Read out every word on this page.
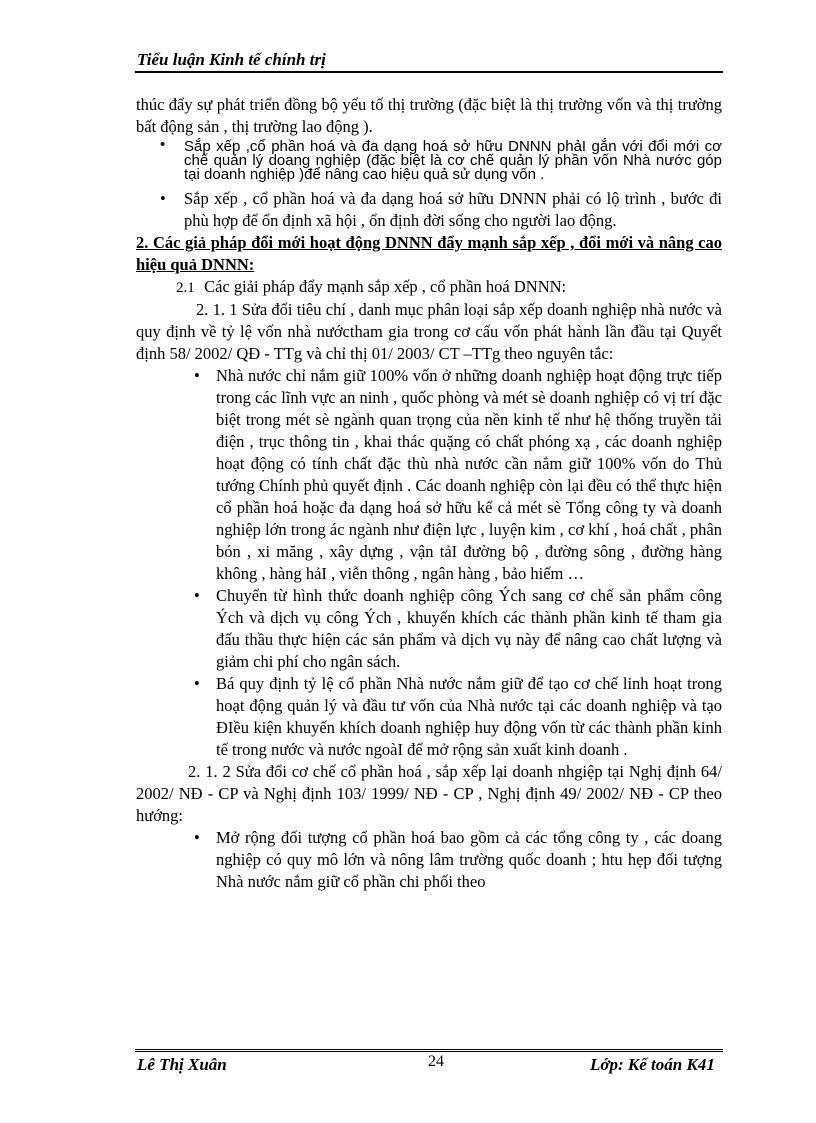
Tiểu luận Kinh tế chính trị

thúc đẩy sự phát triển đồng bộ yếu tố thị trường (đặc biệt là thị trường vốn và thị trường bất động sản , thị trường lao động ).

• Sắp xếp ,cổ phần hoá và đa dạng hoá sở hữu DNNN phảI gắn với đổi mới cơ chế quản lý doang nghiệp (đặc biệt là cơ chế quản lý phần vốn Nhà nước góp tại doanh nghiệp )để nâng cao hiệu quả sử dụng vốn .
• Sắp xếp , cổ phần hoá và đa dạng hoá sở hữu DNNN phải có lộ trình , bước đi phù hợp để ổn định xã hội , ổn định đời sống cho người lao động.

2. Các giả pháp đổi mới hoạt động DNNN đẩy mạnh sắp xếp , đổi mới và nâng cao hiệu quả DNNN:

2.1 Các giải pháp đẩy mạnh sắp xếp , cổ phần hoá DNNN:

2. 1. 1 Sửa đổi tiêu chí , danh mục phân loại sắp xếp doanh nghiệp nhà nước và quy định về tỷ lệ vốn nhà nướctham gia trong cơ cấu vốn phát hành lần đầu tại Quyết định 58/ 2002/ QĐ - TTg và chỉ thị 01/ 2003/ CT –TTg theo nguyên tắc:

• Nhà nước chỉ nắm giữ 100% vốn ở những doanh nghiệp hoạt động trực tiếp trong các lĩnh vực an ninh , quốc phòng và mét sè doanh nghiệp có vị trí đặc biệt trong mét sè ngành quan trọng của nền kinh tế như hệ thống truyền tải điện , trục thông tin , khai thác quặng có chất phóng xạ , các doanh nghiệp hoạt động có tính chất đặc thù nhà nước cần nắm giữ 100% vốn do Thủ tướng Chính phủ quyết định . Các doanh nghiệp còn lại đều có thể thực hiện cổ phần hoá hoặc đa dạng hoá sở hữu kể cả mét sè Tổng công ty và doanh nghiệp lớn trong ác ngành như điện lực , luyện kim , cơ khí , hoá chất , phân bón , xi măng , xây dựng , vận tảI đường bộ , đường sông , đường hàng không , hàng hảI , viễn thông , ngân hàng , bảo hiểm …
• Chuyển từ hình thức doanh nghiệp công Ých sang cơ chế sản phẩm công Ých và dịch vụ công Ých , khuyến khích các thành phần kinh tế tham gia đấu thầu thực hiện các sản phẩm và dịch vụ này để nâng cao chất lượng và giảm chi phí cho ngân sách.
• Bá quy định tỷ lệ cổ phần Nhà nước nắm giữ để tạo cơ chế linh hoạt trong hoạt động quản lý và đầu tư vốn của Nhà nước tại các doanh nghiệp và tạo ĐIều kiện khuyến khích doanh nghiệp huy động vốn từ các thành phần kinh tế trong nước và nước ngoàI để mở rộng sản xuất kinh doanh .

2. 1. 2 Sửa đổi cơ chế cổ phần hoá , sắp xếp lại doanh nhgiệp tại Nghị định 64/ 2002/ NĐ - CP và Nghị định 103/ 1999/ NĐ - CP , Nghị định 49/ 2002/ NĐ - CP theo hướng:

• Mở rộng đối tượng cổ phần hoá bao gồm cả các tổng công ty , các doang nghiệp có quy mô lớn và nông lâm trường quốc doanh ; htu hẹp đối tượng Nhà nước nắm giữ cổ phần chi phối theo
Lê Thị Xuân	24	Lớp: Kế toán K41
